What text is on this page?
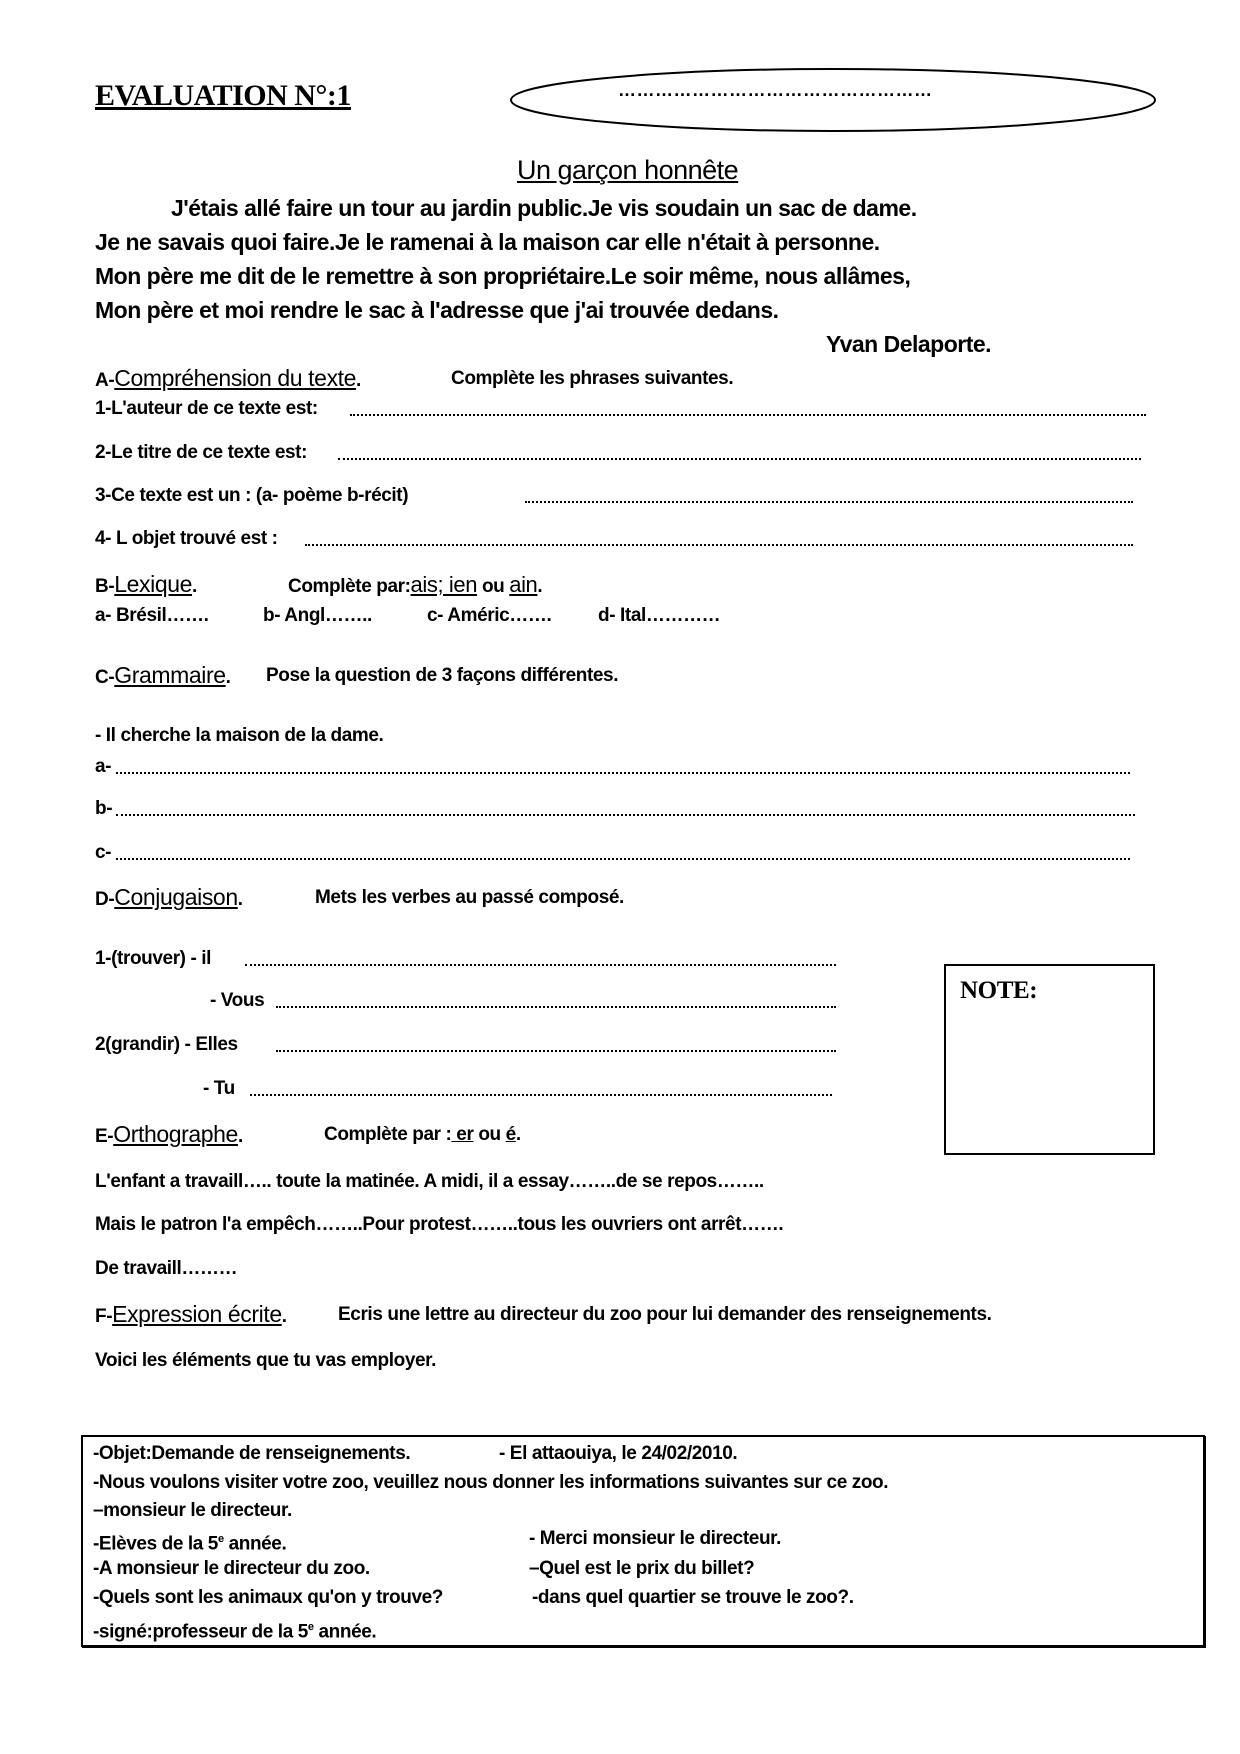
EVALUATION N°:1	……………………………………………
Un garçon honnête
J'étais allé faire un tour au jardin public.Je vis soudain un sac de dame.
Je ne savais quoi faire.Je le ramenai à la maison car elle n'était à personne.
Mon père me dit de le remettre à son propriétaire.Le soir même, nous allâmes,
Mon père et moi rendre le sac à l'adresse que j'ai trouvée dedans.
Yvan Delaporte.
A-Compréhension du texte.	Complète les phrases suivantes.
1-L'auteur de ce texte est:
2-Le titre de ce texte est:
3-Ce texte est un : (a- poème b-récit)
4- L objet trouvé est :
B-Lexique.	Complète par:ais; ien ou ain.
a- Brésil…….	b- Angl……..	c- Améric……. d- Ital…………
C-Grammaire. Pose la question de 3 façons différentes.
- Il cherche la maison de la dame.
a-
b-
c-
D-Conjugaison.	Mets les verbes au passé composé.
1-(trouver) - il
- Vous
2(grandir) - Elles
- Tu
NOTE:
E-Orthographe.	Complète par : er ou é.
L'enfant a travaill….. toute la matinée. A midi, il a essay……..de se repos……..
Mais le patron l'a empêch……..Pour protest……..tous les ouvriers ont arrêt…….
De travaill………
F-Expression écrite.	Ecris une lettre au directeur du zoo pour lui demander des renseignements.
Voici les éléments que tu vas employer.
-Objet:Demande de renseignements.	- El attaouiya, le 24/02/2010.
-Nous voulons visiter votre zoo, veuillez nous donner les informations suivantes sur ce zoo.
–monsieur le directeur.
-Elèves de la 5e année.	- Merci monsieur le directeur.
-A monsieur le directeur du zoo.	–Quel est le prix du billet?
-Quels sont les animaux qu'on y trouve?	-dans quel quartier se trouve le zoo?.
-signé:professeur de la 5e année.
